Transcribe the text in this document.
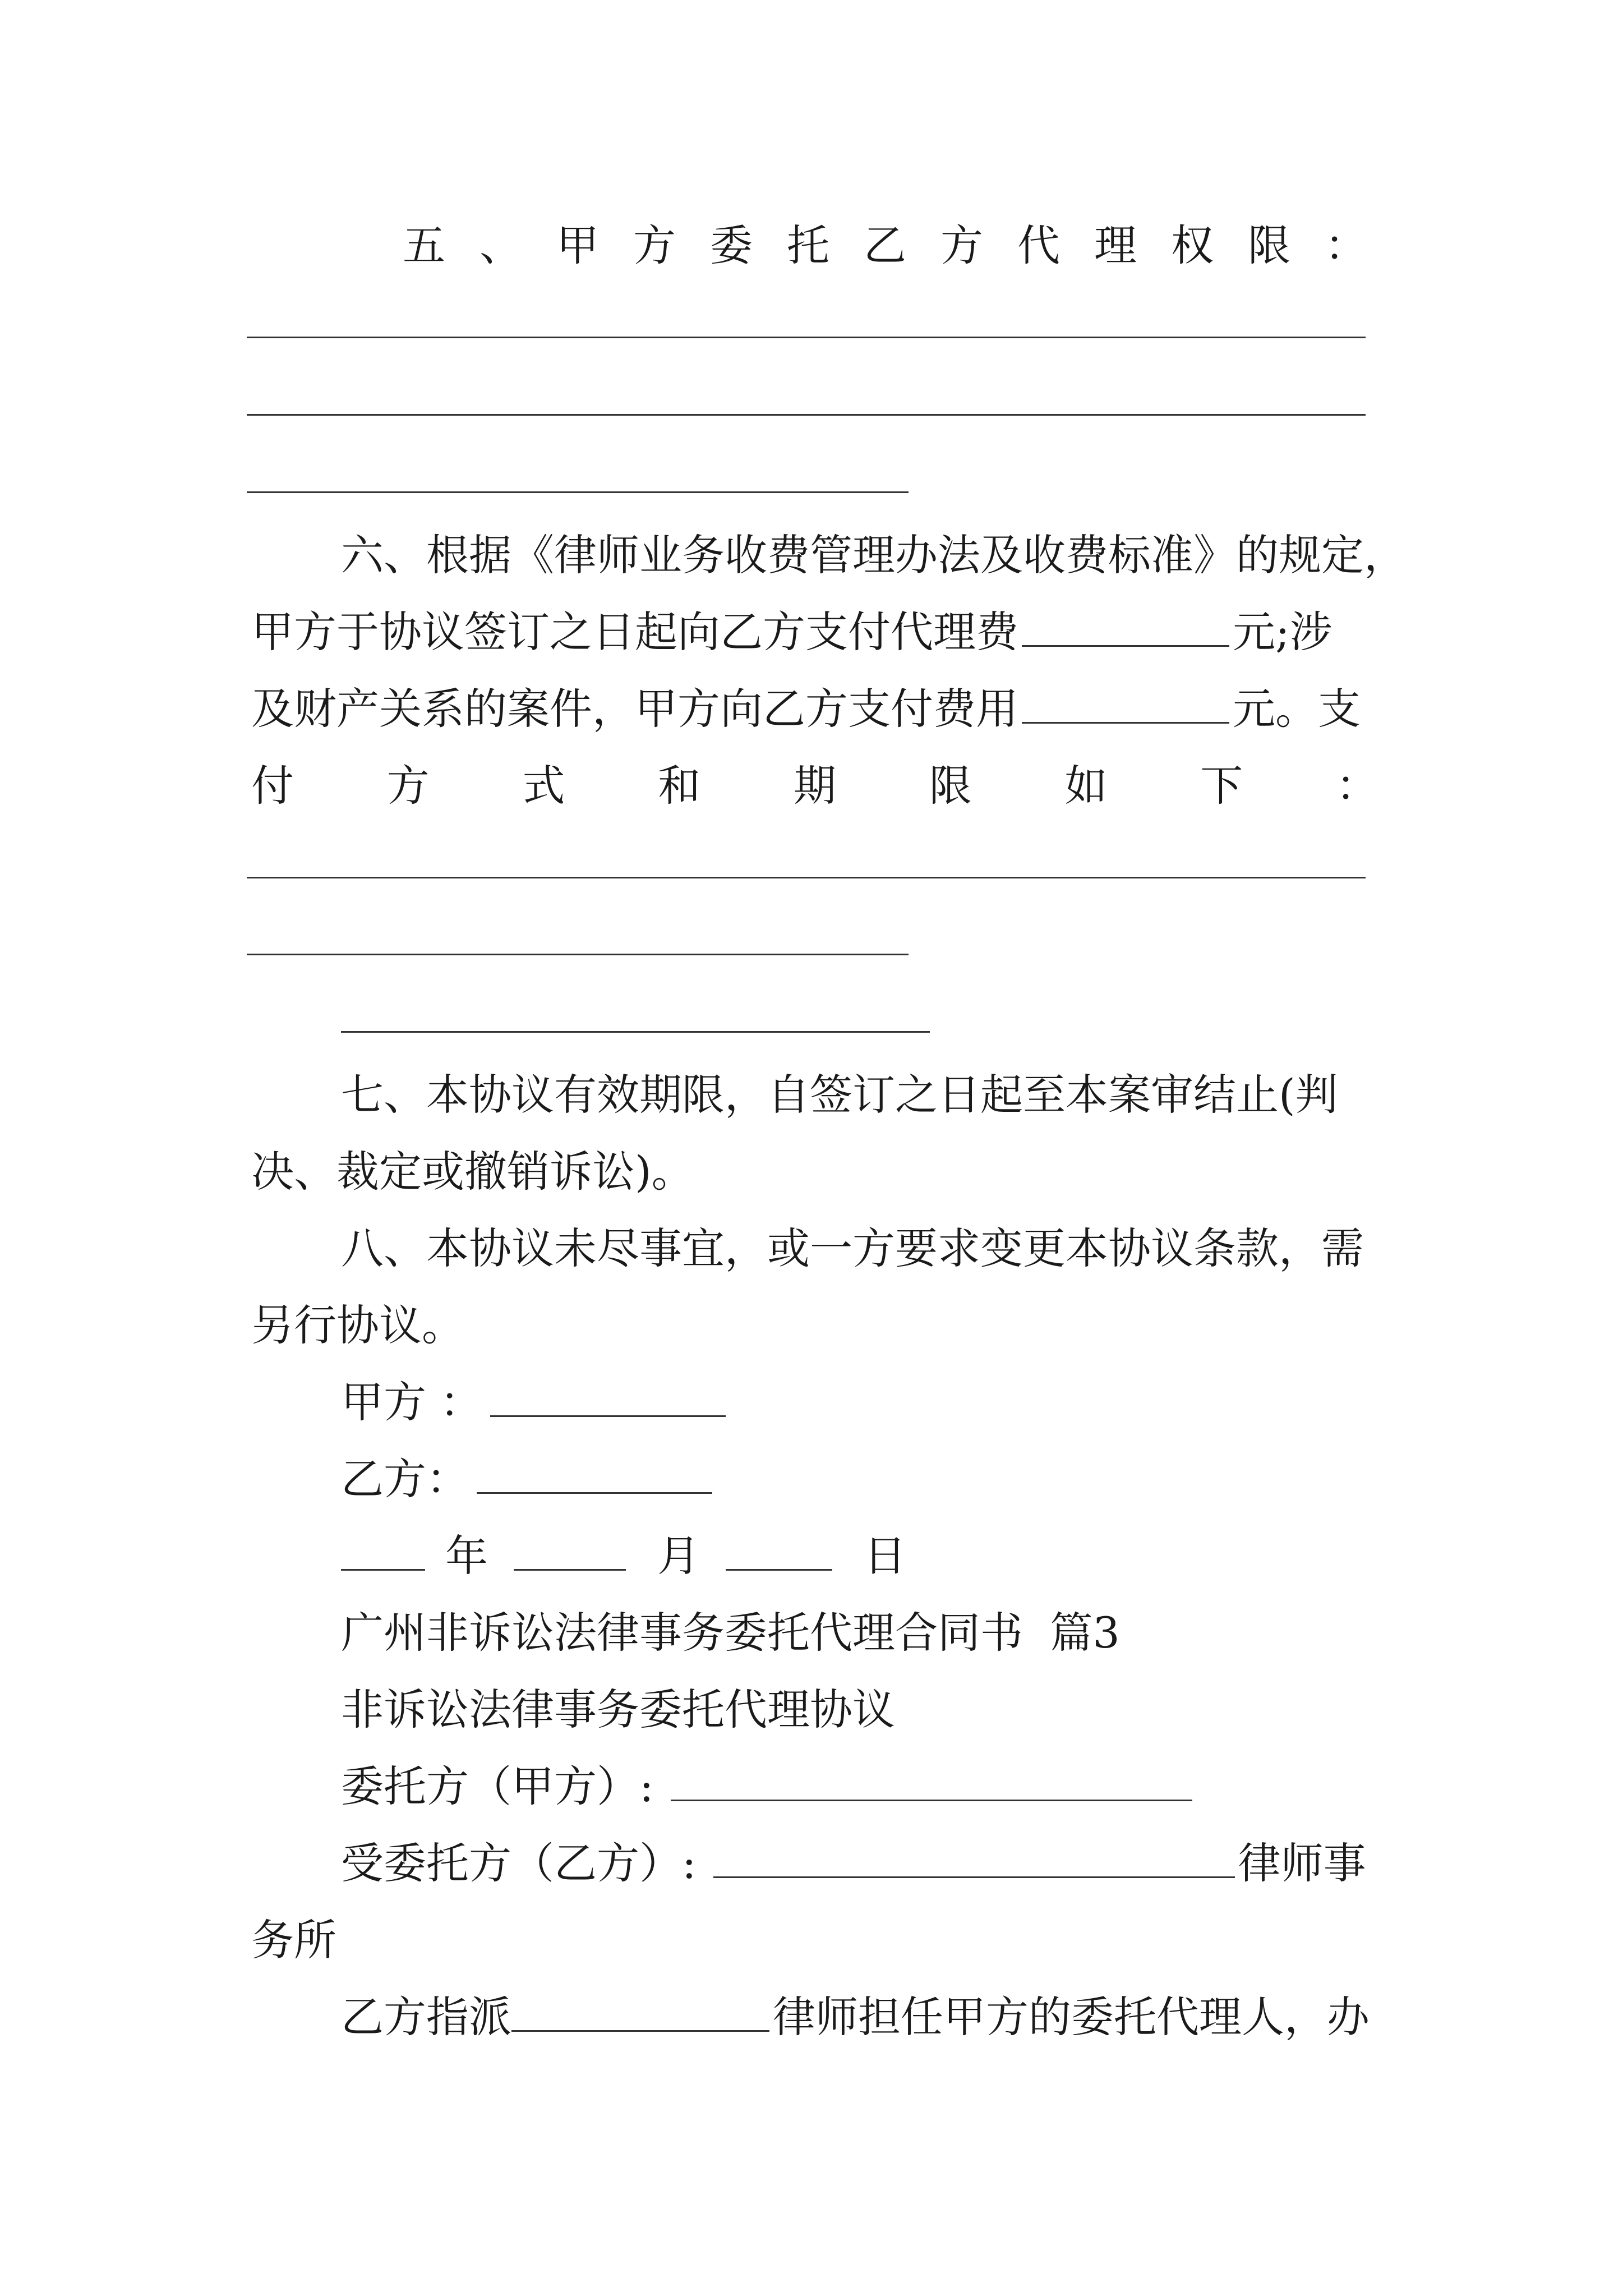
五 、 甲 方 委 托 乙 方 代 理 权 限 ：
六、根据《律师业务收费管理办法及收费标准》的规定，
甲方于协议签订之日起向乙方支付代理费	元;涉
及财产关系的案件，甲方向乙方支付费用	元。支
付 方 式 和 期 限 如 下 ：
七、本协议有效期限，自签订之日起至本案审结止(判
决、裁定或撤销诉讼)。
八、本协议未尽事宜，或一方要求变更本协议条款，需
另行协议。
甲方 ：
乙方：
年	月	日
广州非诉讼法律事务委托代理合同书  篇3
非诉讼法律事务委托代理协议
委托方（甲方）:
受委托方（乙方）:	律师事
务所
乙方指派	律师担任甲方的委托代理人，办
